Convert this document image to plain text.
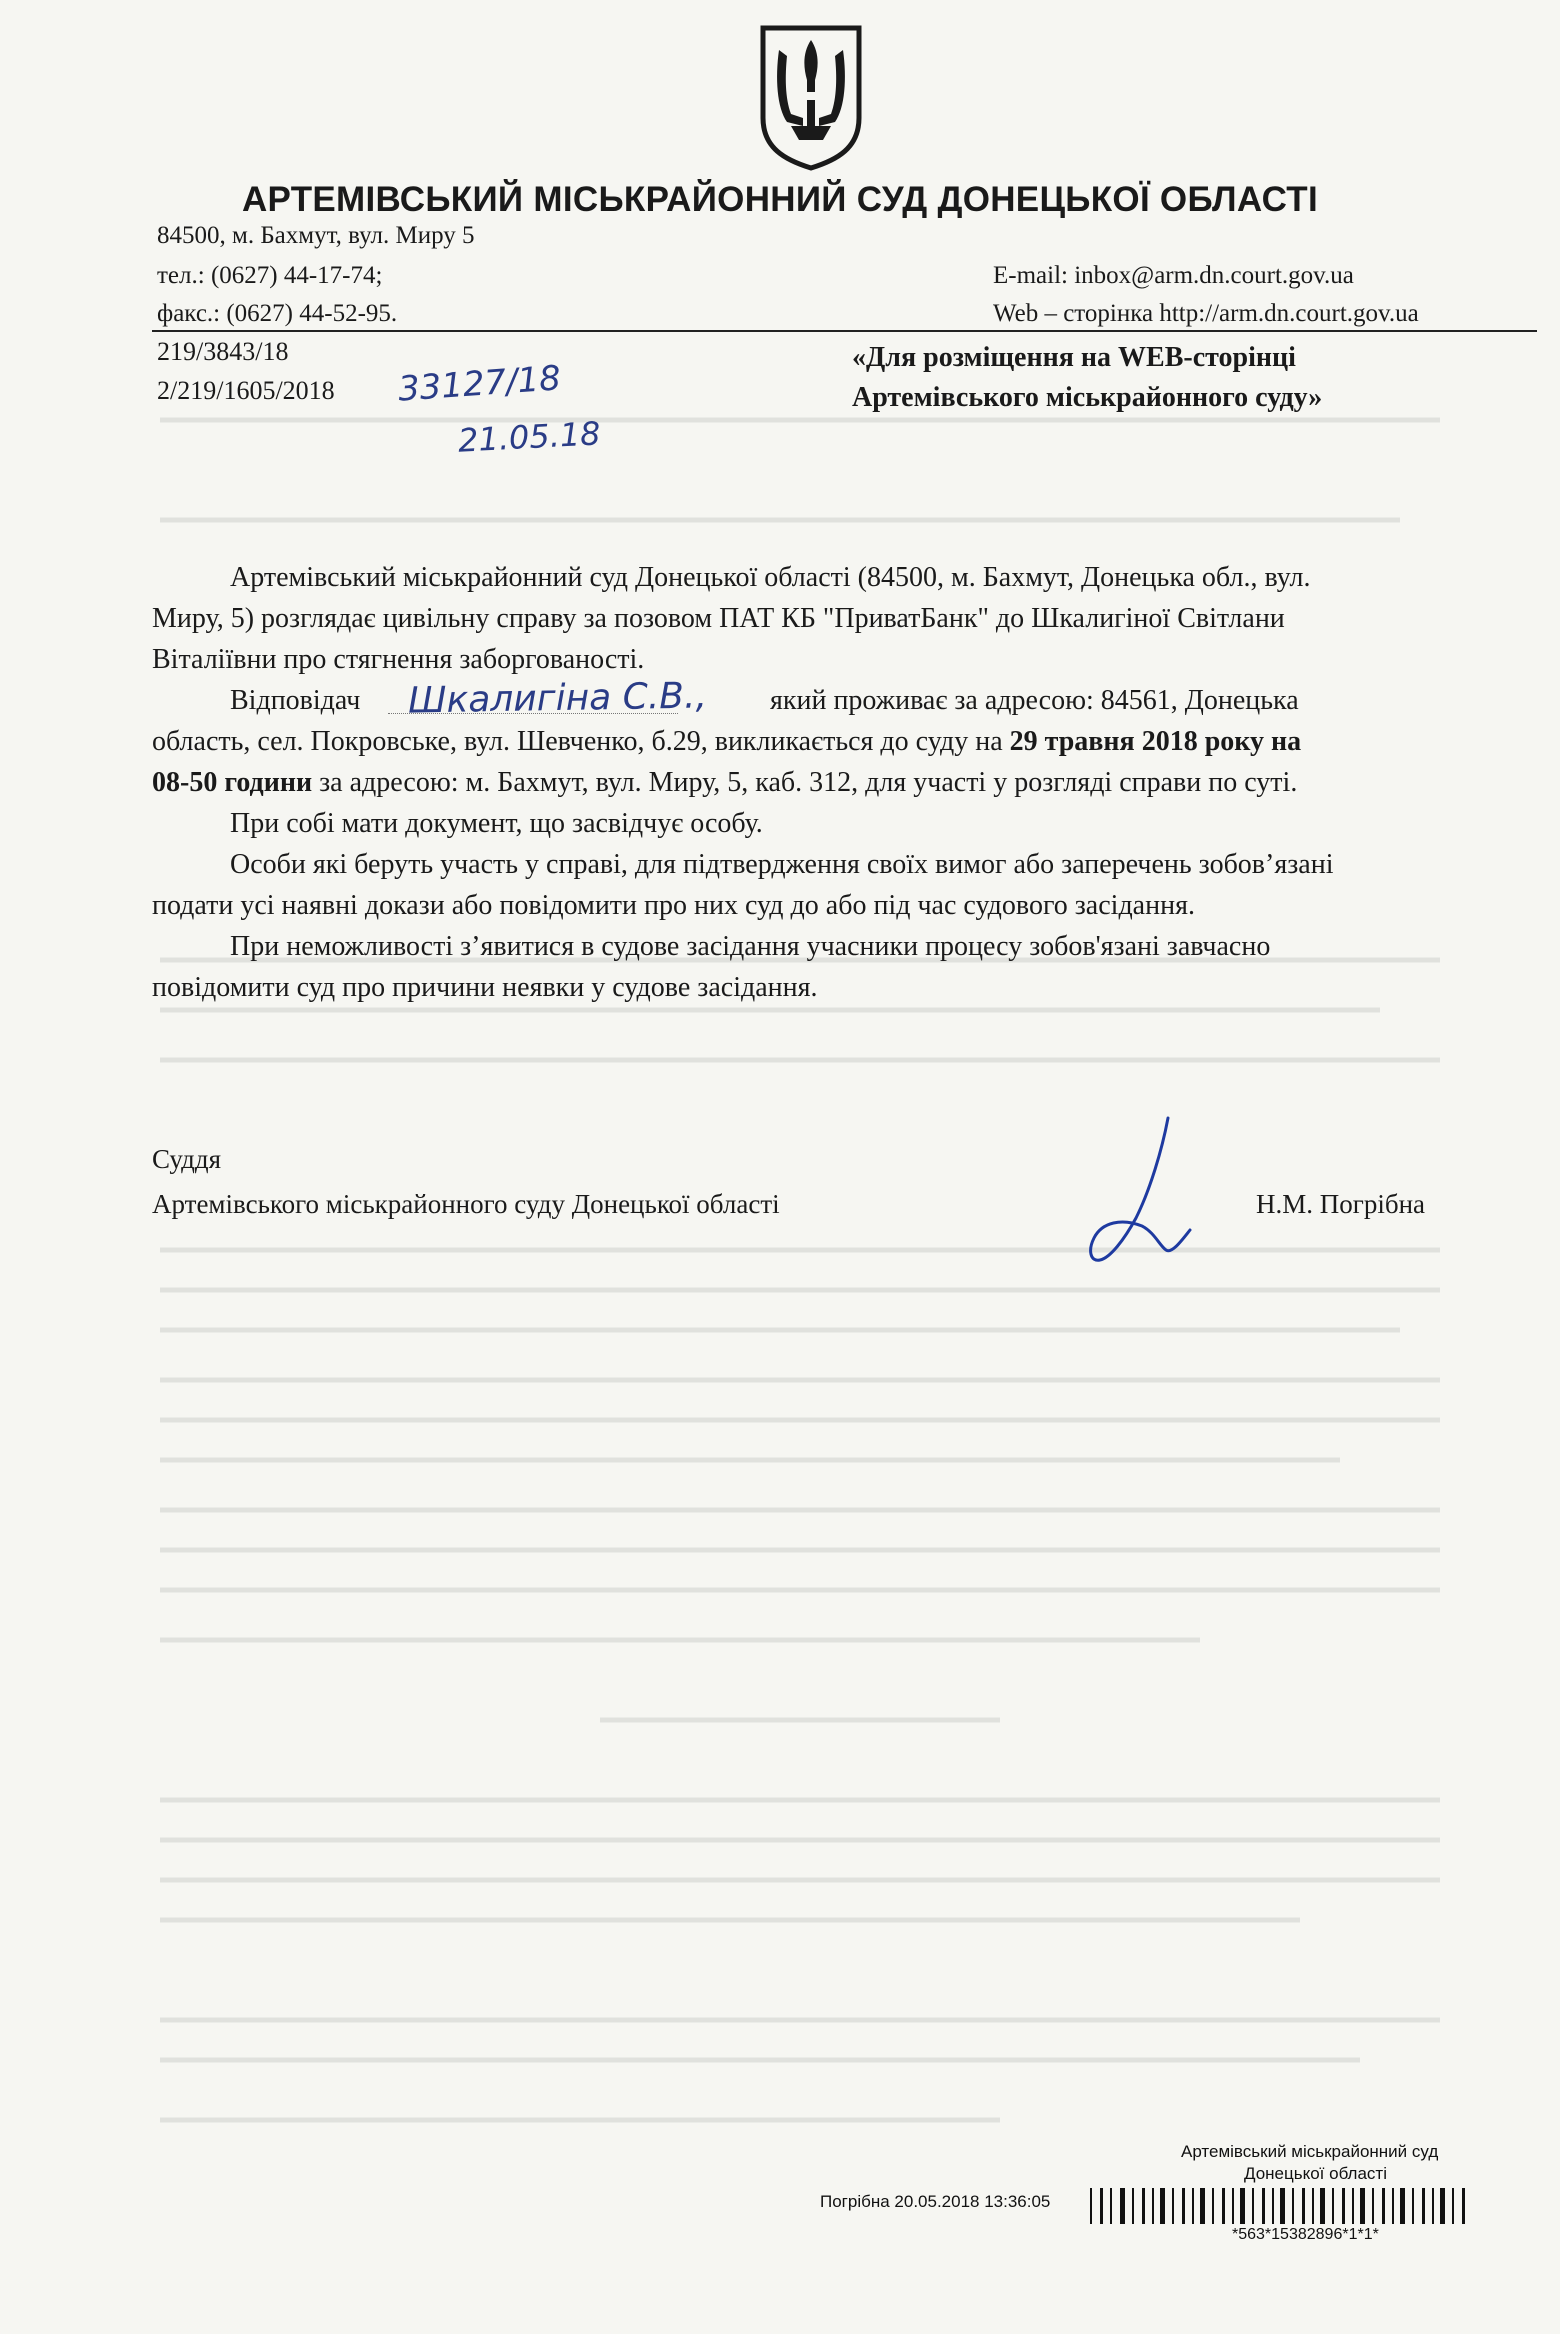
АРТЕМІВСЬКИЙ МІСЬКРАЙОННИЙ СУД ДОНЕЦЬКОЇ ОБЛАСТІ
84500, м. Бахмут, вул. Миру 5
тел.: (0627) 44-17-74;
факс.: (0627) 44-52-95.
E-mail: inbox@arm.dn.court.gov.ua
Web – сторінка http://arm.dn.court.gov.ua
219/3843/18
2/219/1605/2018 33127/18
21.05.18
«Для розміщення на WEB-сторінці
Артемівського міськрайонного суду»
Артемівський міськрайонний суд Донецької області (84500, м. Бахмут, Донецька обл., вул.
Миру, 5) розглядає цивільну справу за позовом ПАТ КБ "ПриватБанк" до Шкалигіної Світлани
Віталіївни про стягнення заборгованості.
Відповідач Шкалигіна С.В., який проживає за адресою: 84561, Донецька
область, сел. Покровське, вул. Шевченко, б.29, викликається до суду на 29 травня 2018 року на
08-50 години за адресою: м. Бахмут, вул. Миру, 5, каб. 312, для участі у розгляді справи по суті.
При собі мати документ, що засвідчує особу.
Особи які беруть участь у справі, для підтвердження своїх вимог або заперечень зобов’язані
подати усі наявні докази або повідомити про них суд до або під час судового засідання.
При неможливості з’явитися в судове засідання учасники процесу зобов'язані завчасно
повідомити суд про причини неявки у судове засідання.
Суддя
Артемівського міськрайонного суду Донецької області	Н.М. Погрібна
Артемівський міськрайонний суд
Донецької області
Погрібна 20.05.2018 13:36:05
*563*15382896*1*1*
